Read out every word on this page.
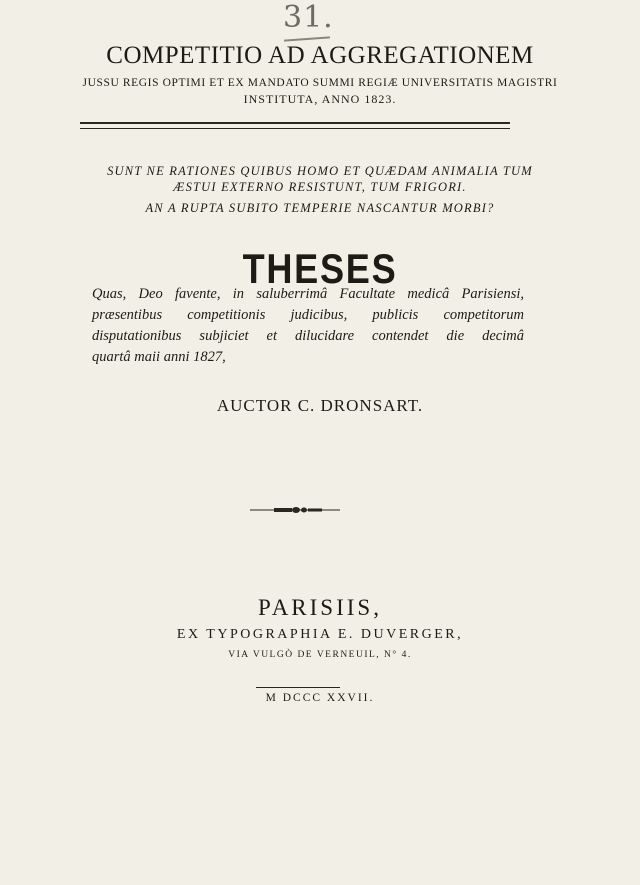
31.
COMPETITIO AD AGGREGATIONEM
JUSSU REGIS OPTIMI ET EX MANDATO SUMMI REGIÆ UNIVERSITATIS MAGISTRI
INSTITUTA, ANNO 1823.
SUNT NE RATIONES QUIBUS HOMO ET QUÆDAM ANIMALIA TUM
ÆSTUI EXTERNO RESISTUNT, TUM FRIGORI.
AN A RUPTA SUBITO TEMPERIE NASCANTUR MORBI?
THESES
Quas, Deo favente, in saluberrimâ Facultate medicâ Parisiensi,
præsentibus competitionis judicibus, publicis competitorum
disputationibus subjiciet et dilucidare contendet die decimâ
quartâ maii anni 1827,
AUCTOR C. DRONSART.
PARISIIS,
EX TYPOGRAPHIA E. DUVERGER,
VIA VULGÒ DE VERNEUIL, N° 4.
M DCCC XXVII.
